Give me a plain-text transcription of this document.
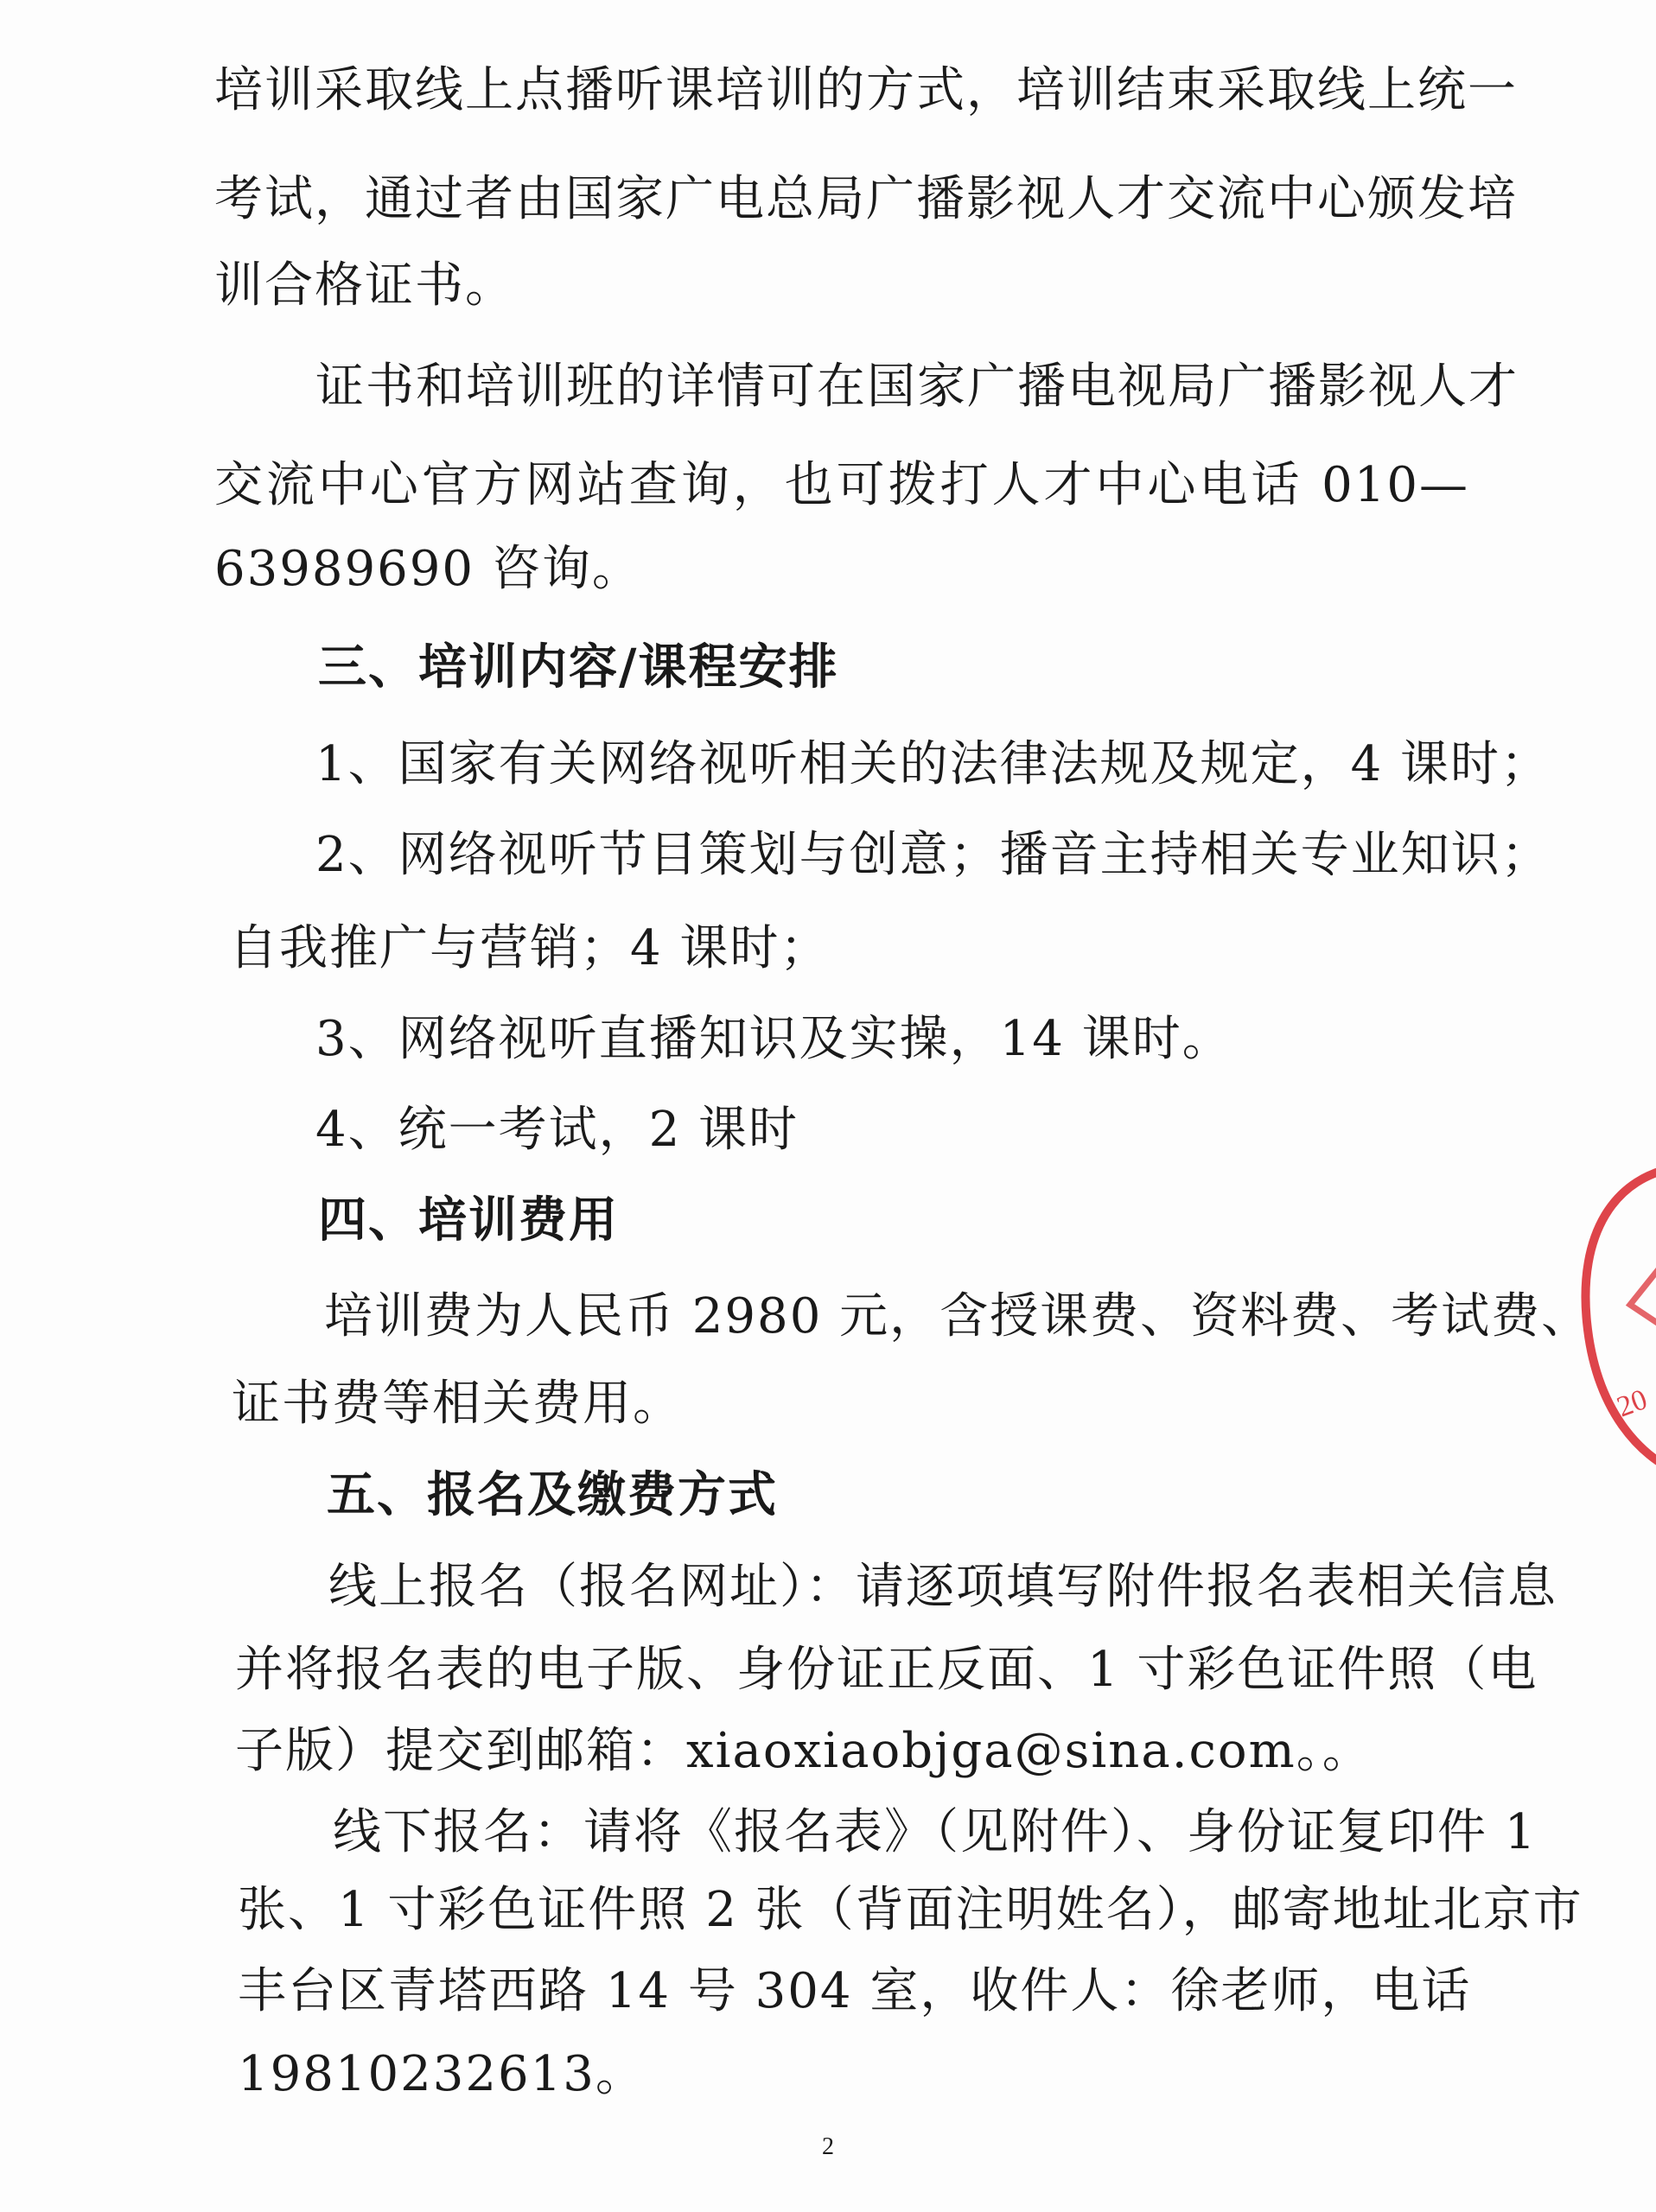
培训采取线上点播听课培训的方式，培训结束采取线上统一
考试，通过者由国家广电总局广播影视人才交流中心颁发培
训合格证书。
证书和培训班的详情可在国家广播电视局广播影视人才
交流中心官方网站查询，也可拨打人才中心电话 010—
63989690 咨询。
三、培训内容/课程安排
1、国家有关网络视听相关的法律法规及规定，4 课时；
2、网络视听节目策划与创意；播音主持相关专业知识；
自我推广与营销；4 课时；
3、网络视听直播知识及实操，14 课时。
4、统一考试，2 课时
四、培训费用
培训费为人民币 2980 元，含授课费、资料费、考试费、
证书费等相关费用。
五、报名及缴费方式
线上报名（报名网址）：请逐项填写附件报名表相关信息
并将报名表的电子版、身份证正反面、1 寸彩色证件照（电
子版）提交到邮箱：xiaoxiaobjga@sina.com。。
线下报名：请将《报名表》（见附件）、身份证复印件 1
张、1 寸彩色证件照 2 张（背面注明姓名），邮寄地址北京市
丰台区青塔西路 14 号 304 室，收件人：徐老师，电话
19810232613。
2
20
